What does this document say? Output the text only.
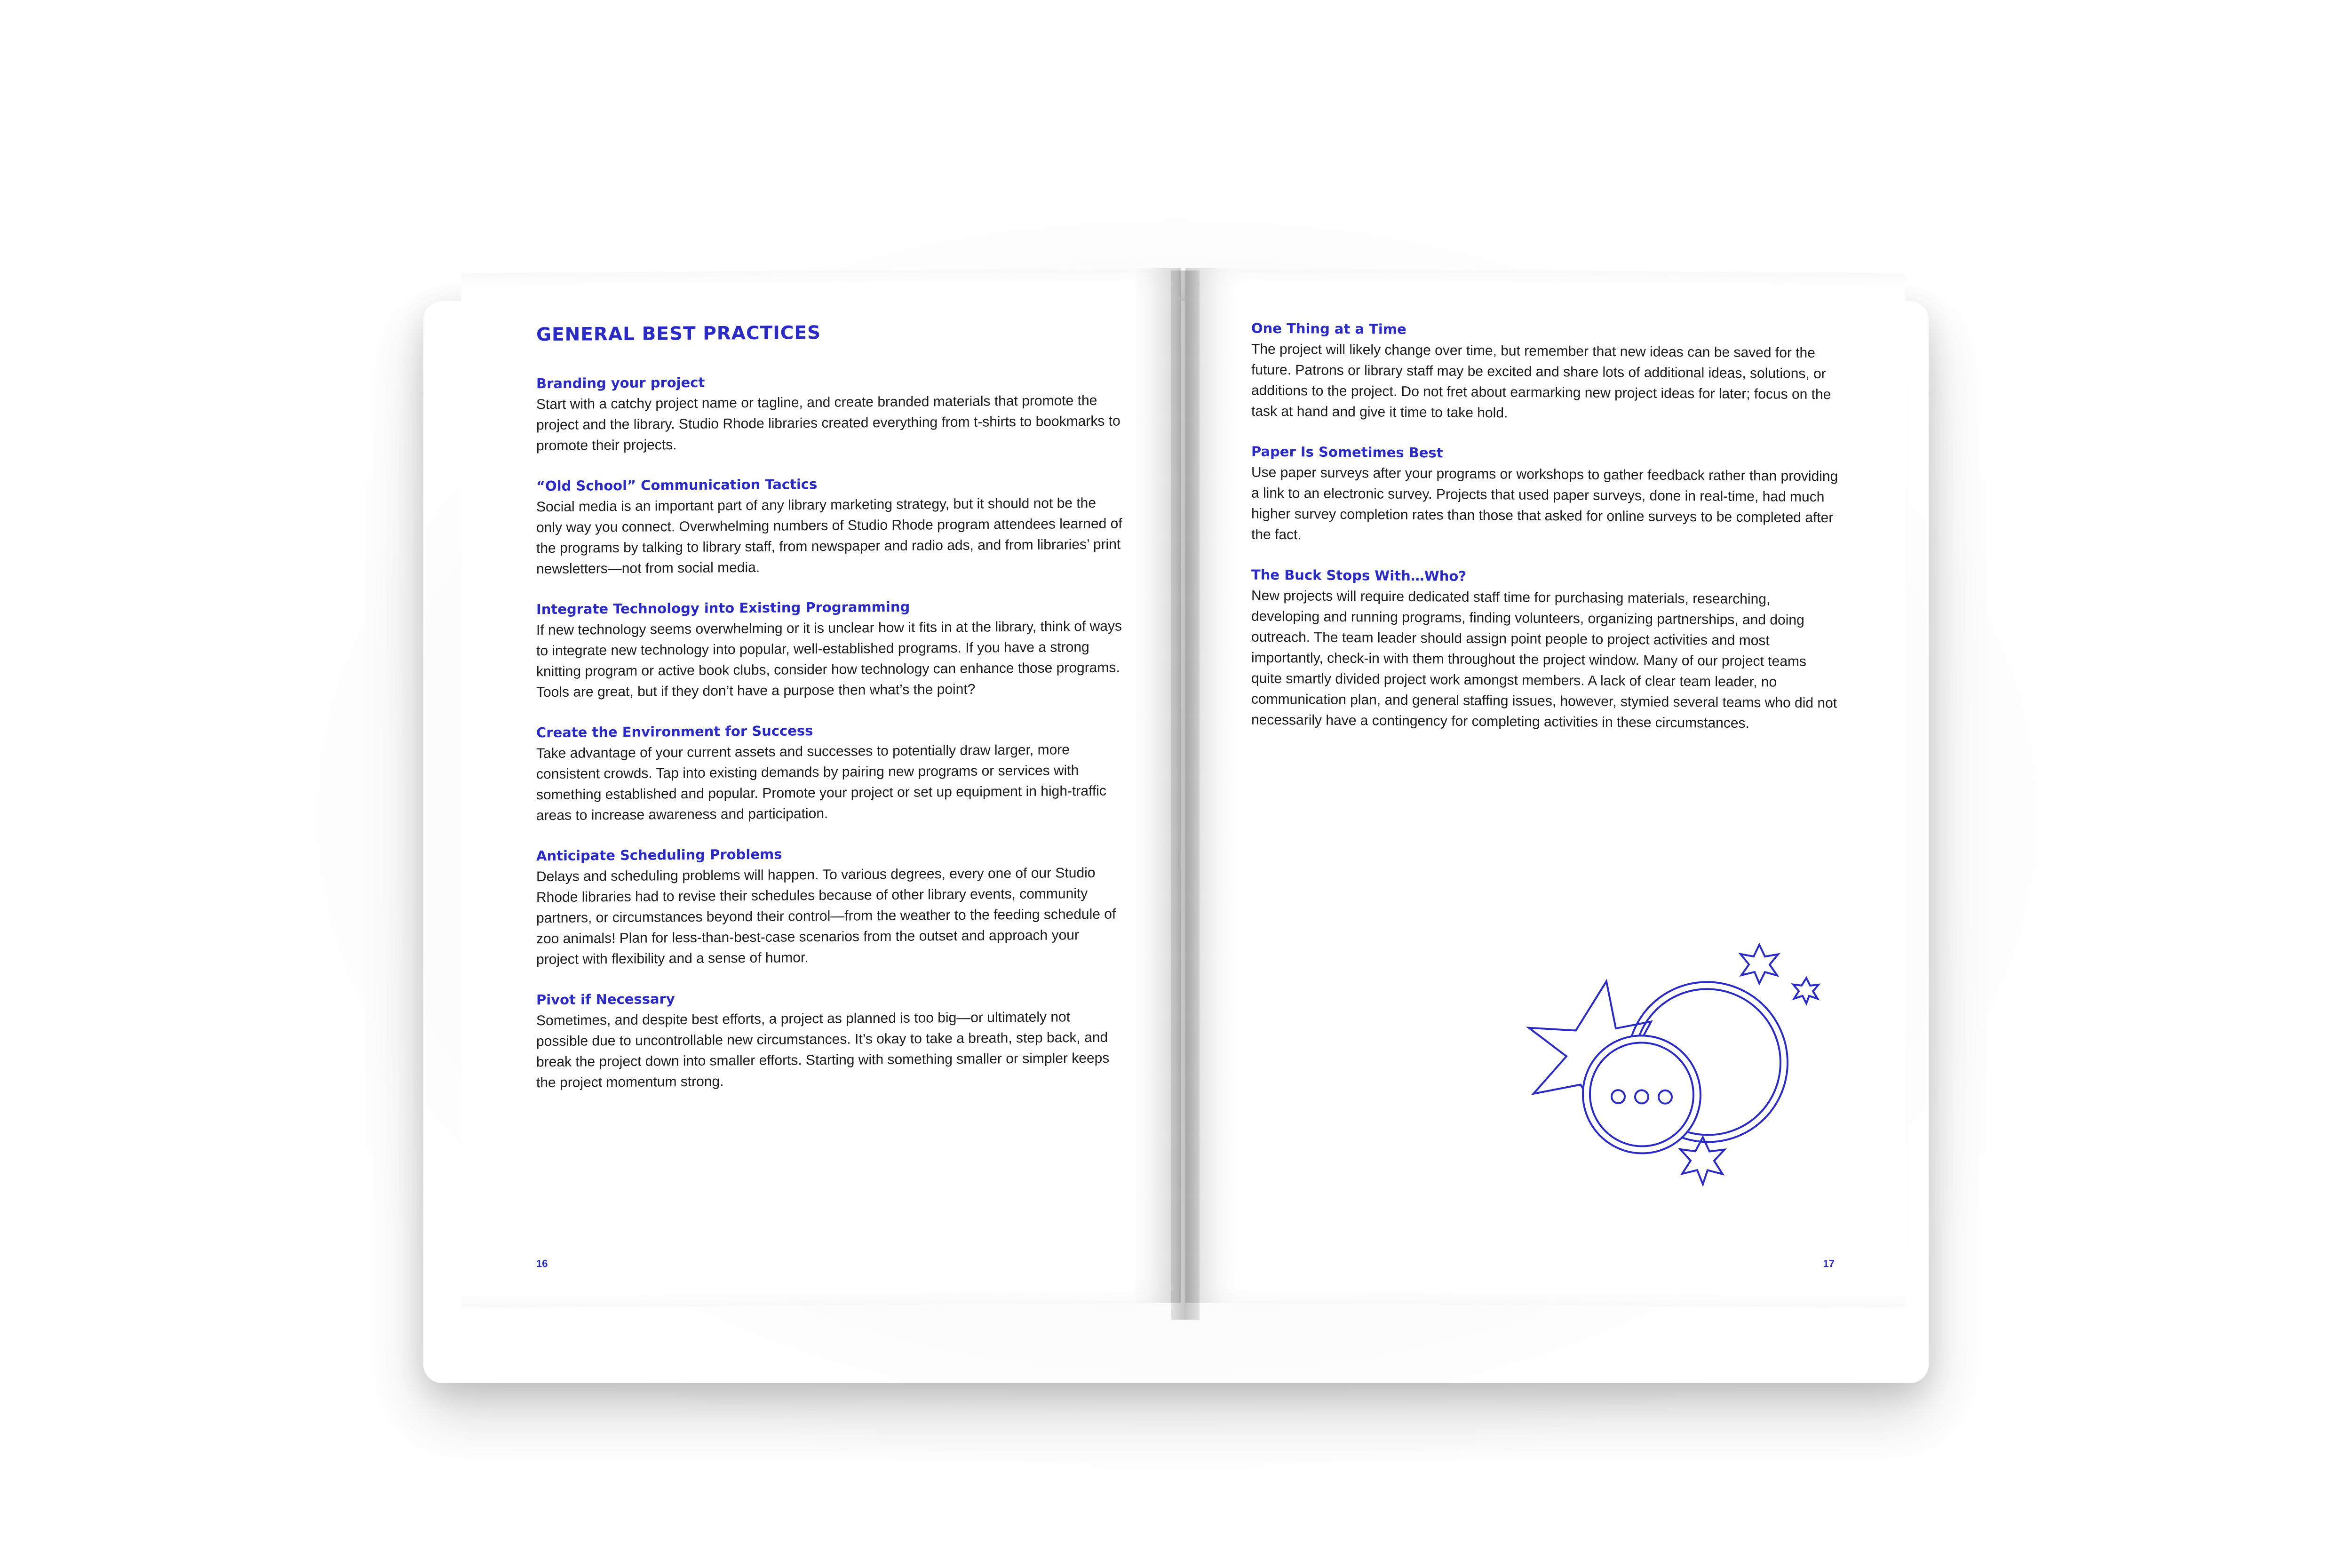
GENERAL BEST PRACTICES
Branding your project

Start with a catchy project name or tagline, and create branded materials that promote the project and the library. Studio Rhode libraries created everything from t-shirts to bookmarks to promote their projects.

“Old School” Communication Tactics

Social media is an important part of any library marketing strategy, but it should not be the only way you connect. Overwhelming numbers of Studio Rhode program attendees learned of the programs by talking to library staff, from newspaper and radio ads, and from libraries’ print newsletters—not from social media.

Integrate Technology into Existing Programming

If new technology seems overwhelming or it is unclear how it fits in at the library, think of ways to integrate new technology into popular, well-established programs. If you have a strong knitting program or active book clubs, consider how technology can enhance those programs. Tools are great, but if they don’t have a purpose then what’s the point?

Create the Environment for Success

Take advantage of your current assets and successes to potentially draw larger, more consistent crowds. Tap into existing demands by pairing new programs or services with something established and popular. Promote your project or set up equipment in high-traffic areas to increase awareness and participation.

Anticipate Scheduling Problems

Delays and scheduling problems will happen. To various degrees, every one of our Studio Rhode libraries had to revise their schedules because of other library events, community partners, or circumstances beyond their control—from the weather to the feeding schedule of zoo animals! Plan for less-than-best-case scenarios from the outset and approach your project with flexibility and a sense of humor.

Pivot if Necessary

Sometimes, and despite best efforts, a project as planned is too big—or ultimately not possible due to uncontrollable new circumstances. It’s okay to take a breath, step back, and break the project down into smaller efforts. Starting with something smaller or simpler keeps the project momentum strong.

16
One Thing at a Time

The project will likely change over time, but remember that new ideas can be saved for the future. Patrons or library staff may be excited and share lots of additional ideas, solutions, or additions to the project. Do not fret about earmarking new project ideas for later; focus on the task at hand and give it time to take hold.

Paper Is Sometimes Best

Use paper surveys after your programs or workshops to gather feedback rather than providing a link to an electronic survey. Projects that used paper surveys, done in real-time, had much higher survey completion rates than those that asked for online surveys to be completed after the fact.

The Buck Stops With…Who?

New projects will require dedicated staff time for purchasing materials, researching, developing and running programs, finding volunteers, organizing partnerships, and doing outreach. The team leader should assign point people to project activities and most importantly, check-in with them throughout the project window. Many of our project teams quite smartly divided project work amongst members. A lack of clear team leader, no communication plan, and general staffing issues, however, stymied several teams who did not necessarily have a contingency for completing activities in these circumstances.

17
